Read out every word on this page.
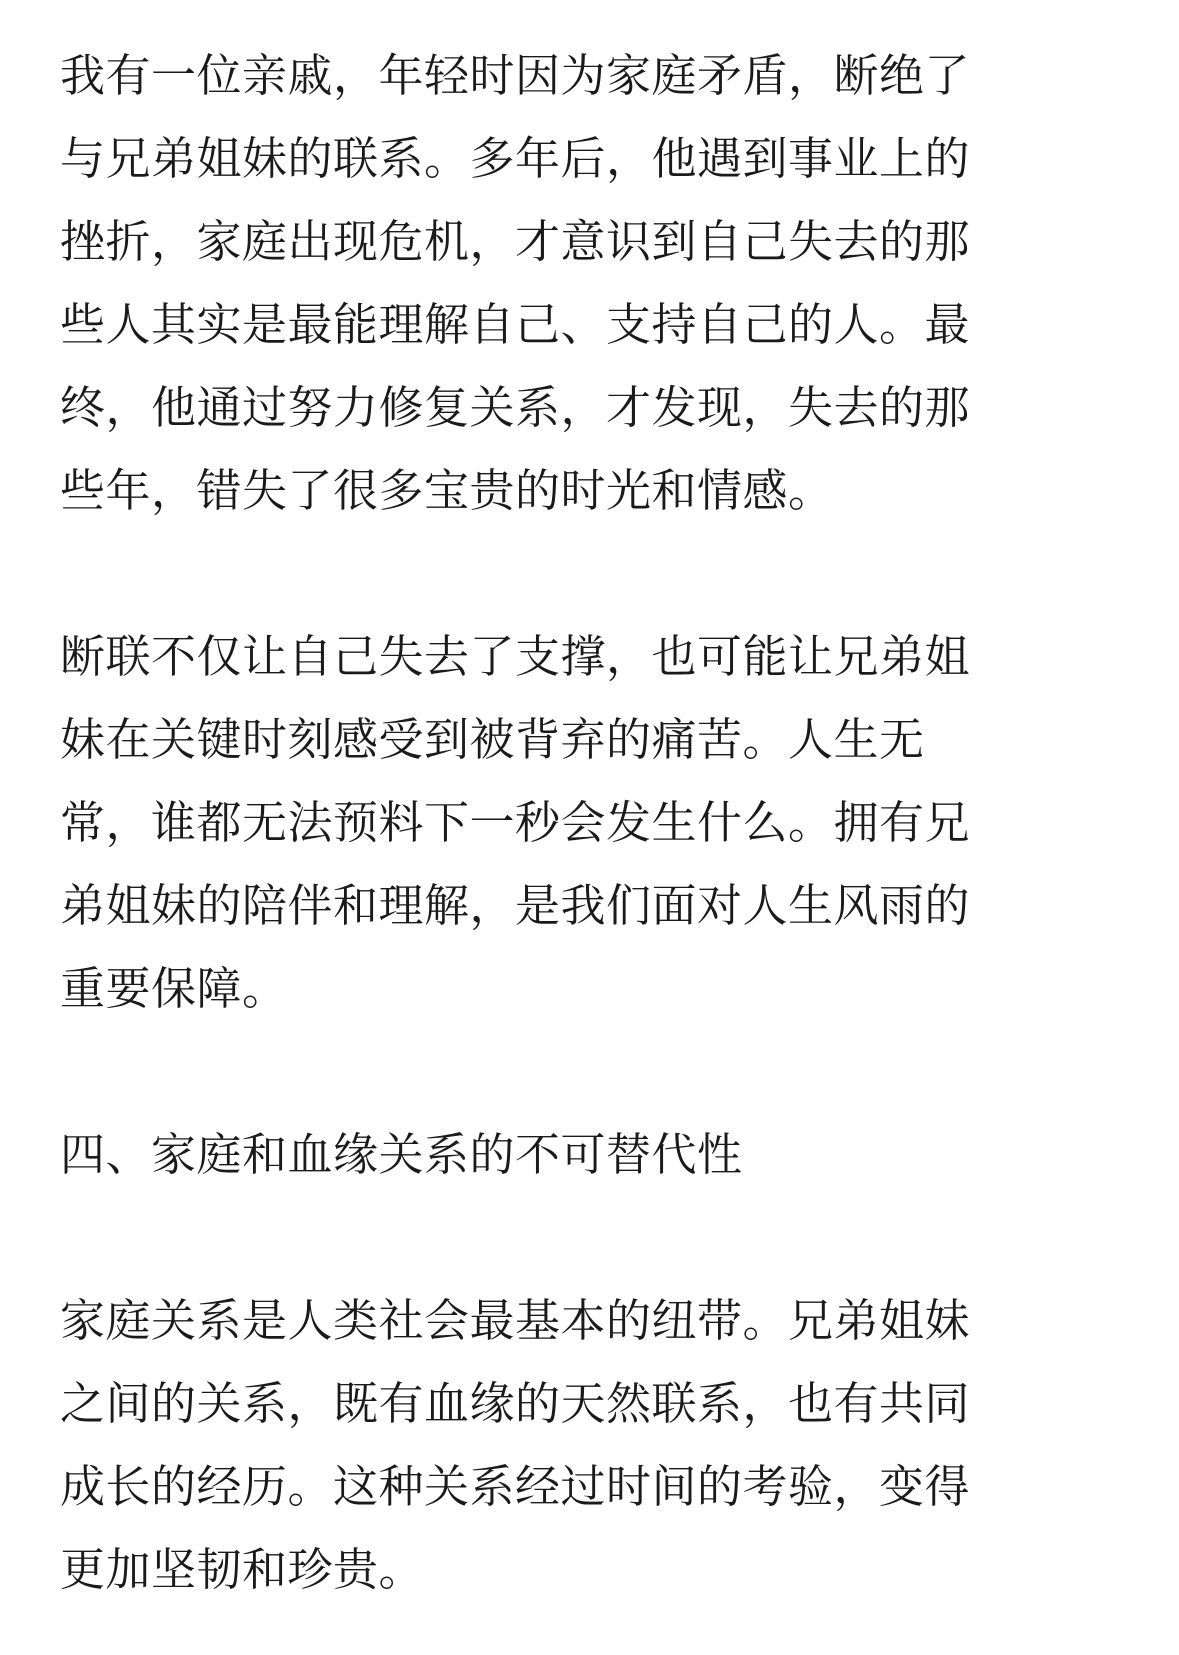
我有一位亲戚，年轻时因为家庭矛盾，断绝了
与兄弟姐妹的联系。多年后，他遇到事业上的
挫折，家庭出现危机，才意识到自己失去的那
些人其实是最能理解自己、支持自己的人。最
终，他通过努力修复关系，才发现，失去的那
些年，错失了很多宝贵的时光和情感。

断联不仅让自己失去了支撑，也可能让兄弟姐
妹在关键时刻感受到被背弃的痛苦。人生无
常，谁都无法预料下一秒会发生什么。拥有兄
弟姐妹的陪伴和理解，是我们面对人生风雨的
重要保障。

四、家庭和血缘关系的不可替代性

家庭关系是人类社会最基本的纽带。兄弟姐妹
之间的关系，既有血缘的天然联系，也有共同
成长的经历。这种关系经过时间的考验，变得
更加坚韧和珍贵。
